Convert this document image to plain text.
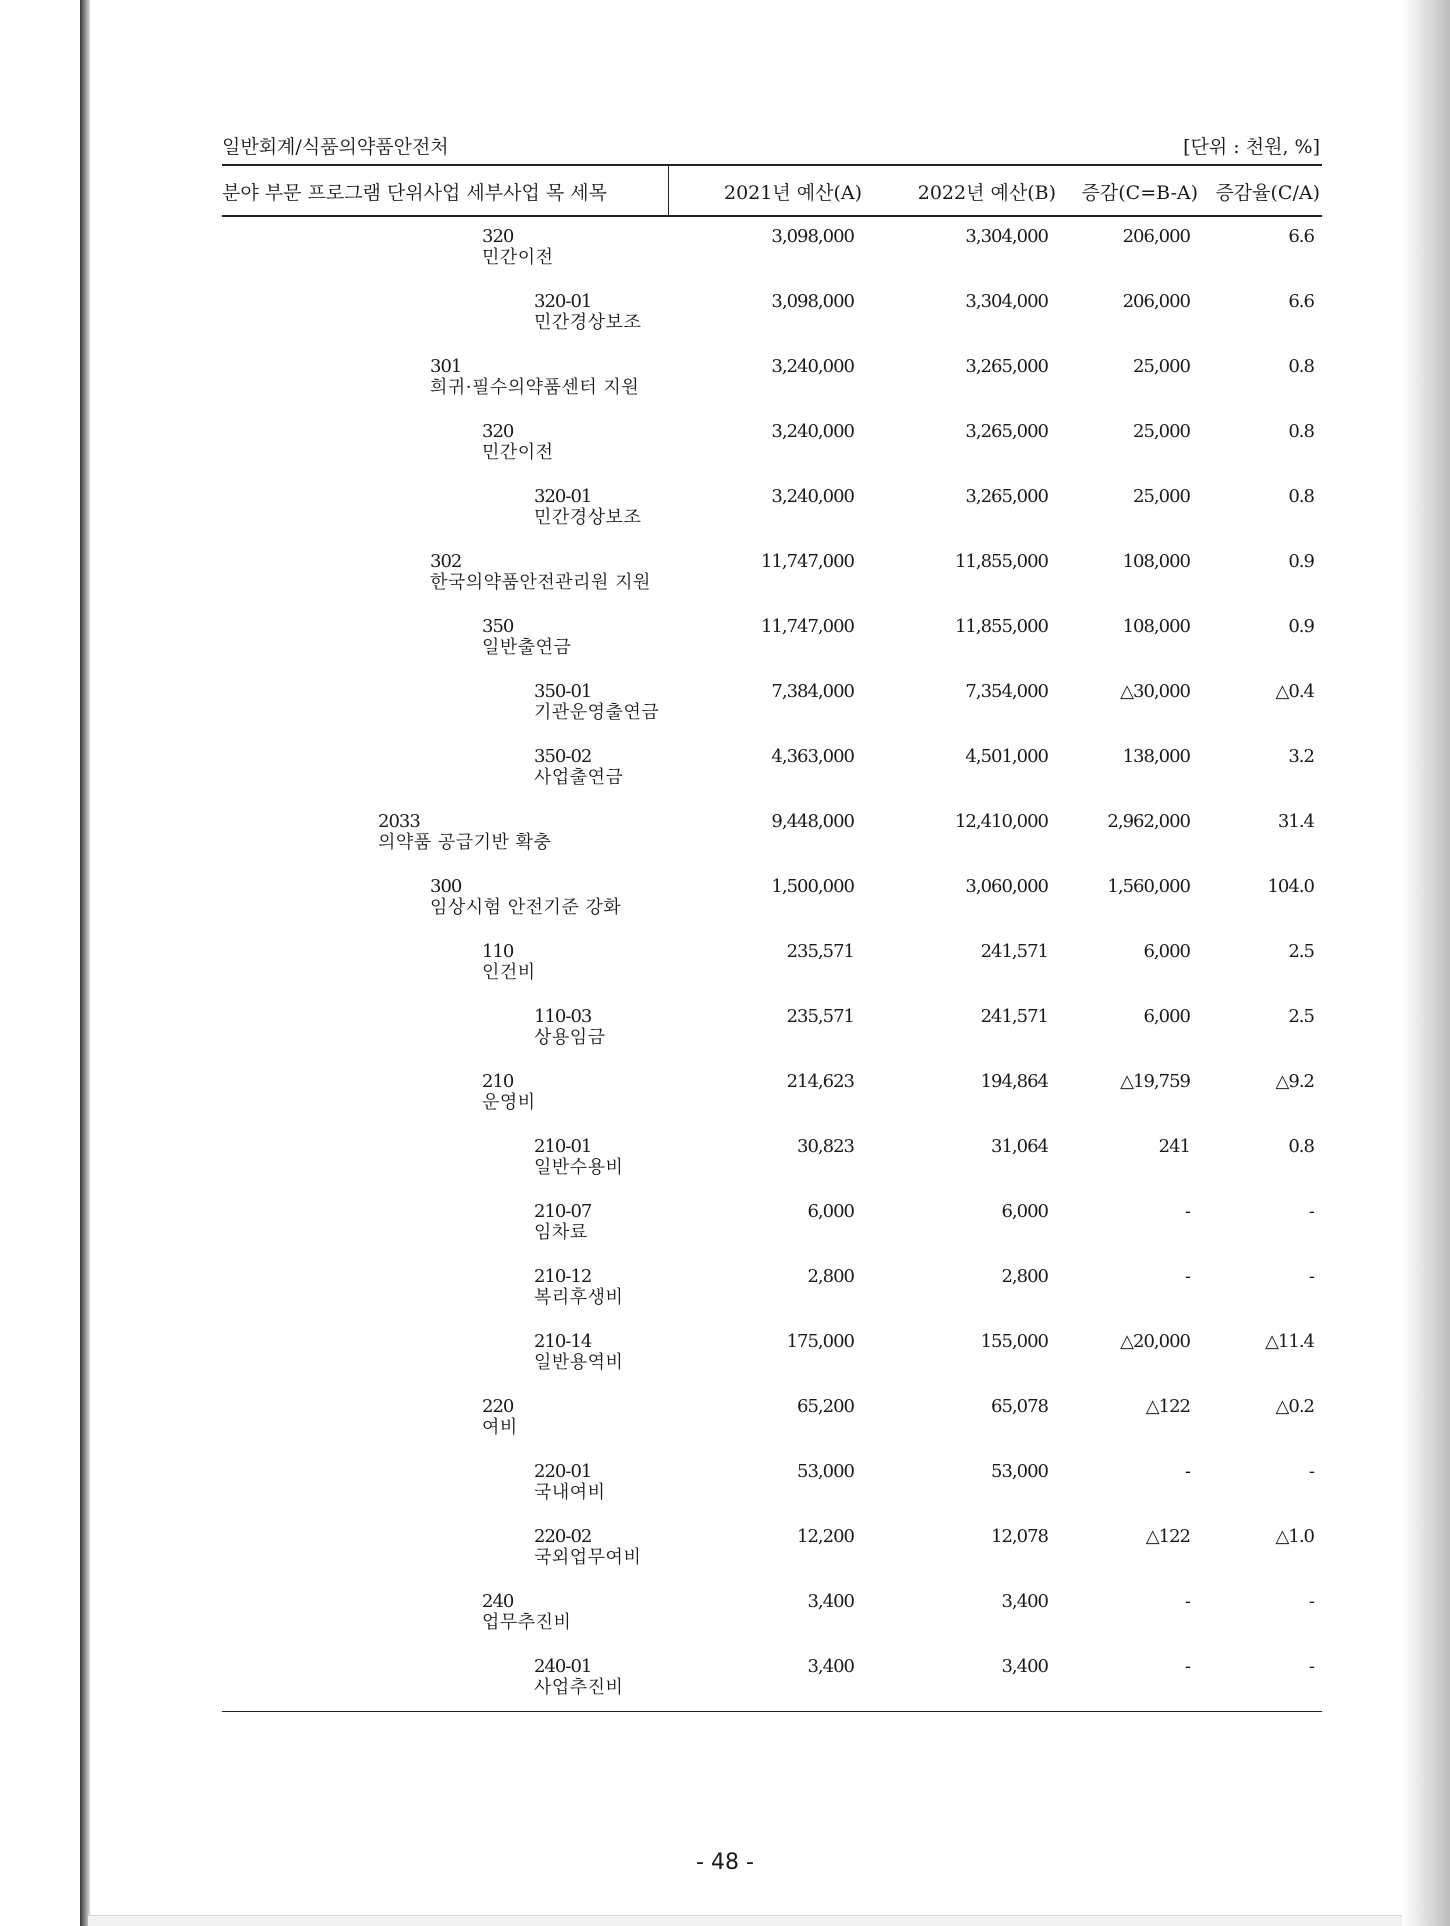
일반회계/식품의약품안전처	[단위 : 천원, %]
분야 부문 프로그램 단위사업 세부사업 목 세목	2021년 예산(A)	2022년 예산(B) 증감(C=B-A) 증감율(C/A)
320
민간이전
3,098,000	3,304,000	206,000	6.6
320-01
민간경상보조
3,098,000	3,304,000	206,000	6.6
301
희귀·필수의약품센터 지원
3,240,000	3,265,000	25,000	0.8
320
민간이전
3,240,000	3,265,000	25,000	0.8
320-01
민간경상보조
3,240,000	3,265,000	25,000	0.8
302
한국의약품안전관리원 지원
11,747,000	11,855,000	108,000	0.9
350
일반출연금
11,747,000	11,855,000	108,000	0.9
350-01
기관운영출연금
7,384,000	7,354,000	△30,000	△0.4
350-02
사업출연금
4,363,000	4,501,000	138,000	3.2
2033
의약품 공급기반 확충
9,448,000	12,410,000	2,962,000	31.4
300
임상시험 안전기준 강화
1,500,000	3,060,000	1,560,000	104.0
110
인건비
235,571	241,571	6,000	2.5
110-03
상용임금
235,571	241,571	6,000	2.5
210
운영비
214,623	194,864	△19,759	△9.2
210-01
일반수용비
30,823	31,064	241	0.8
210-07
임차료
6,000	6,000	-	-
210-12
복리후생비
2,800	2,800	-	-
210-14
일반용역비
175,000	155,000	△20,000	△11.4
220
여비
65,200	65,078	△122	△0.2
220-01
국내여비
53,000	53,000	-	-
220-02
국외업무여비
12,200	12,078	△122	△1.0
240
업무추진비
3,400	3,400	-	-
240-01
사업추진비
3,400	3,400	-	-
- 48 -
